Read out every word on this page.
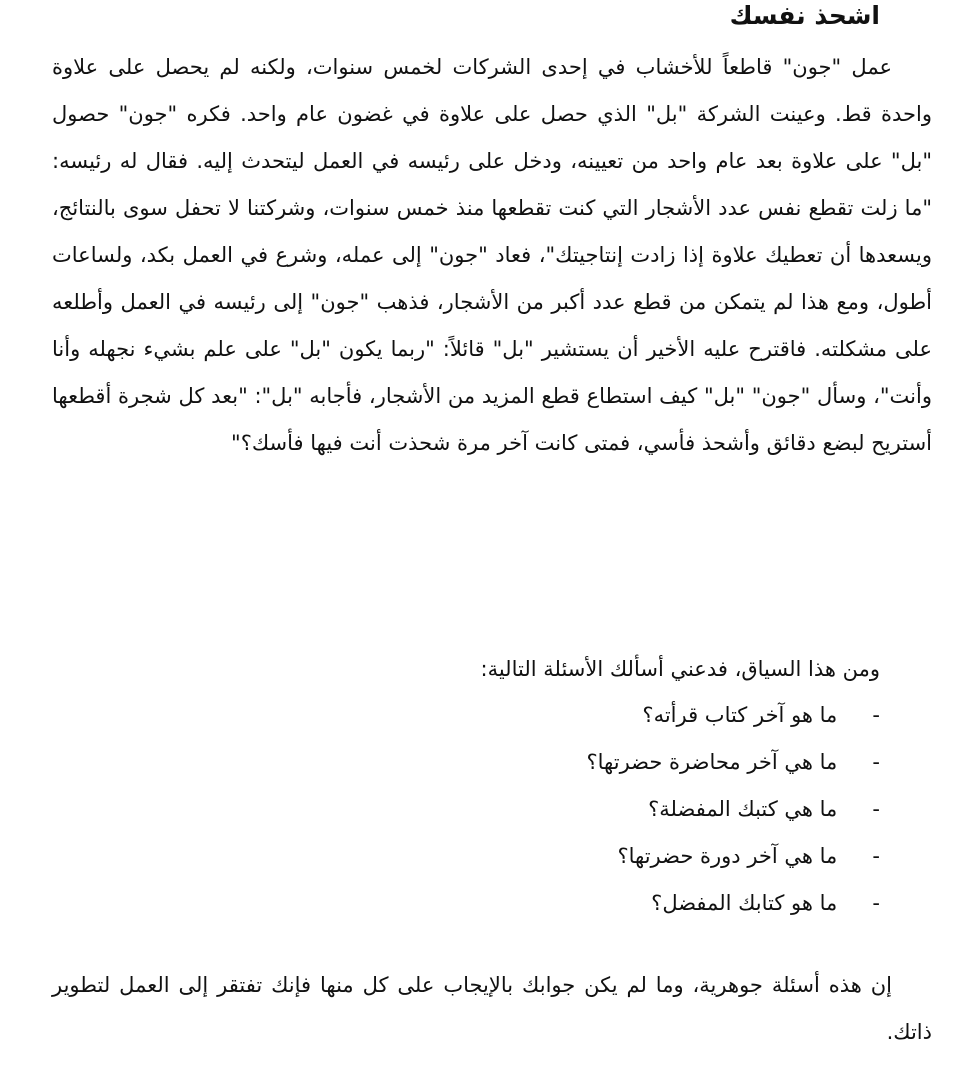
اشحذ نفسك

عمل "جون" قاطعاً للأخشاب في إحدى الشركات لخمس سنوات، ولكنه لم يحصل على علاوة واحدة قط. وعينت الشركة "بل" الذي حصل على علاوة في غضون عام واحد. فكره "جون" حصول "بل" على علاوة بعد عام واحد من تعيينه، ودخل على رئيسه في العمل ليتحدث إليه. فقال له رئيسه: "ما زلت تقطع نفس عدد الأشجار التي كنت تقطعها منذ خمس سنوات، وشركتنا لا تحفل سوى بالنتائج، ويسعدها أن تعطيك علاوة إذا زادت إنتاجيتك"، فعاد "جون" إلى عمله، وشرع في العمل بكد، ولساعات أطول، ومع هذا لم يتمكن من قطع عدد أكبر من الأشجار، فذهب "جون" إلى رئيسه في العمل وأطلعه على مشكلته. فاقترح عليه الأخير أن يستشير "بل" قائلاً: "ربما يكون "بل" على علم بشيء نجهله وأنا وأنت"، وسأل "جون" "بل" كيف استطاع قطع المزيد من الأشجار، فأجابه "بل": "بعد كل شجرة أقطعها أستريح لبضع دقائق وأشحذ فأسي، فمتى كانت آخر مرة شحذت أنت فيها فأسك؟"

ومن هذا السياق، فدعني أسألك الأسئلة التالية:

- ما هو آخر كتاب قرأته؟
- ما هي آخر محاضرة حضرتها؟
- ما هي كتبك المفضلة؟
- ما هي آخر دورة حضرتها؟
- ما هو كتابك المفضل؟

إن هذه أسئلة جوهرية، وما لم يكن جوابك بالإيجاب على كل منها فإنك تفتقر إلى العمل لتطوير ذاتك.
